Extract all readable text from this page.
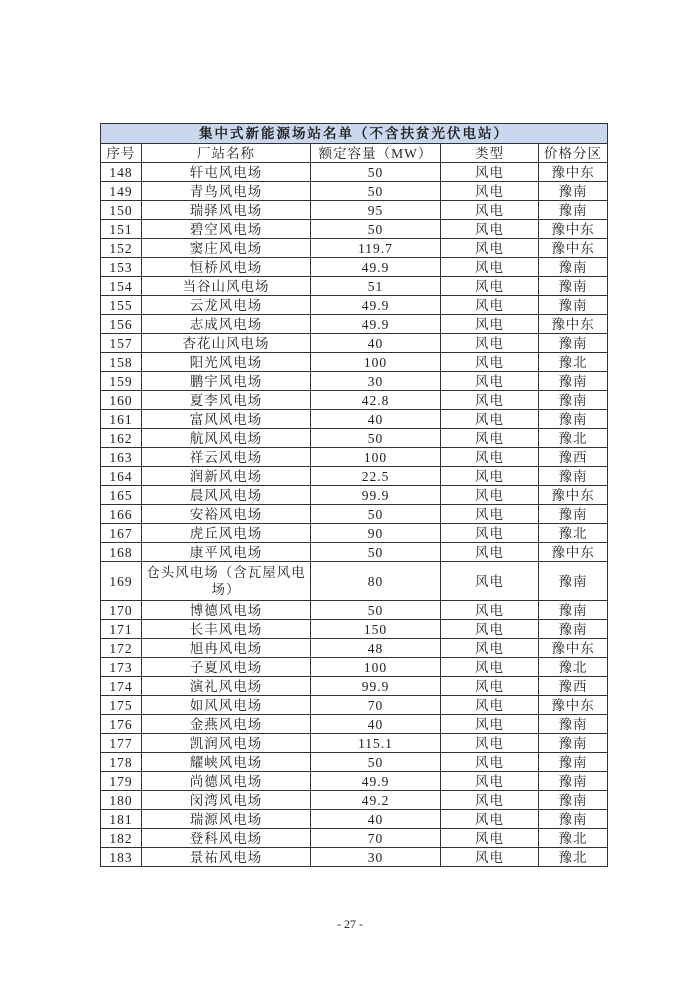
集中式新能源场站名单（不含扶贫光伏电站）				
序号	厂站名称	额定容量（MW）	类型	价格分区
148	轩屯风电场	50	风电	豫中东
149	青鸟风电场	50	风电	豫南
150	瑞驿风电场	95	风电	豫南
151	碧空风电场	50	风电	豫中东
152	窦庄风电场	119.7	风电	豫中东
153	恒桥风电场	49.9	风电	豫南
154	当谷山风电场	51	风电	豫南
155	云龙风电场	49.9	风电	豫南
156	志成风电场	49.9	风电	豫中东
157	杏花山风电场	40	风电	豫南
158	阳光风电场	100	风电	豫北
159	鹏宇风电场	30	风电	豫南
160	夏李风电场	42.8	风电	豫南
161	富风风电场	40	风电	豫南
162	航风风电场	50	风电	豫北
163	祥云风电场	100	风电	豫西
164	润新风电场	22.5	风电	豫南
165	晨风风电场	99.9	风电	豫中东
166	安裕风电场	50	风电	豫南
167	虎丘风电场	90	风电	豫北
168	康平风电场	50	风电	豫中东
169	仓头风电场（含瓦屋风电场）	80	风电	豫南
170	博德风电场	50	风电	豫南
171	长丰风电场	150	风电	豫南
172	旭冉风电场	48	风电	豫中东
173	子夏风电场	100	风电	豫北
174	演礼风电场	99.9	风电	豫西
175	如风风电场	70	风电	豫中东
176	金燕风电场	40	风电	豫南
177	凯润风电场	115.1	风电	豫南
178	耀峡风电场	50	风电	豫南
179	尚德风电场	49.9	风电	豫南
180	闵湾风电场	49.2	风电	豫南
181	瑞源风电场	40	风电	豫南
182	登科风电场	70	风电	豫北
183	景祐风电场	30	风电	豫北
- 27 -
